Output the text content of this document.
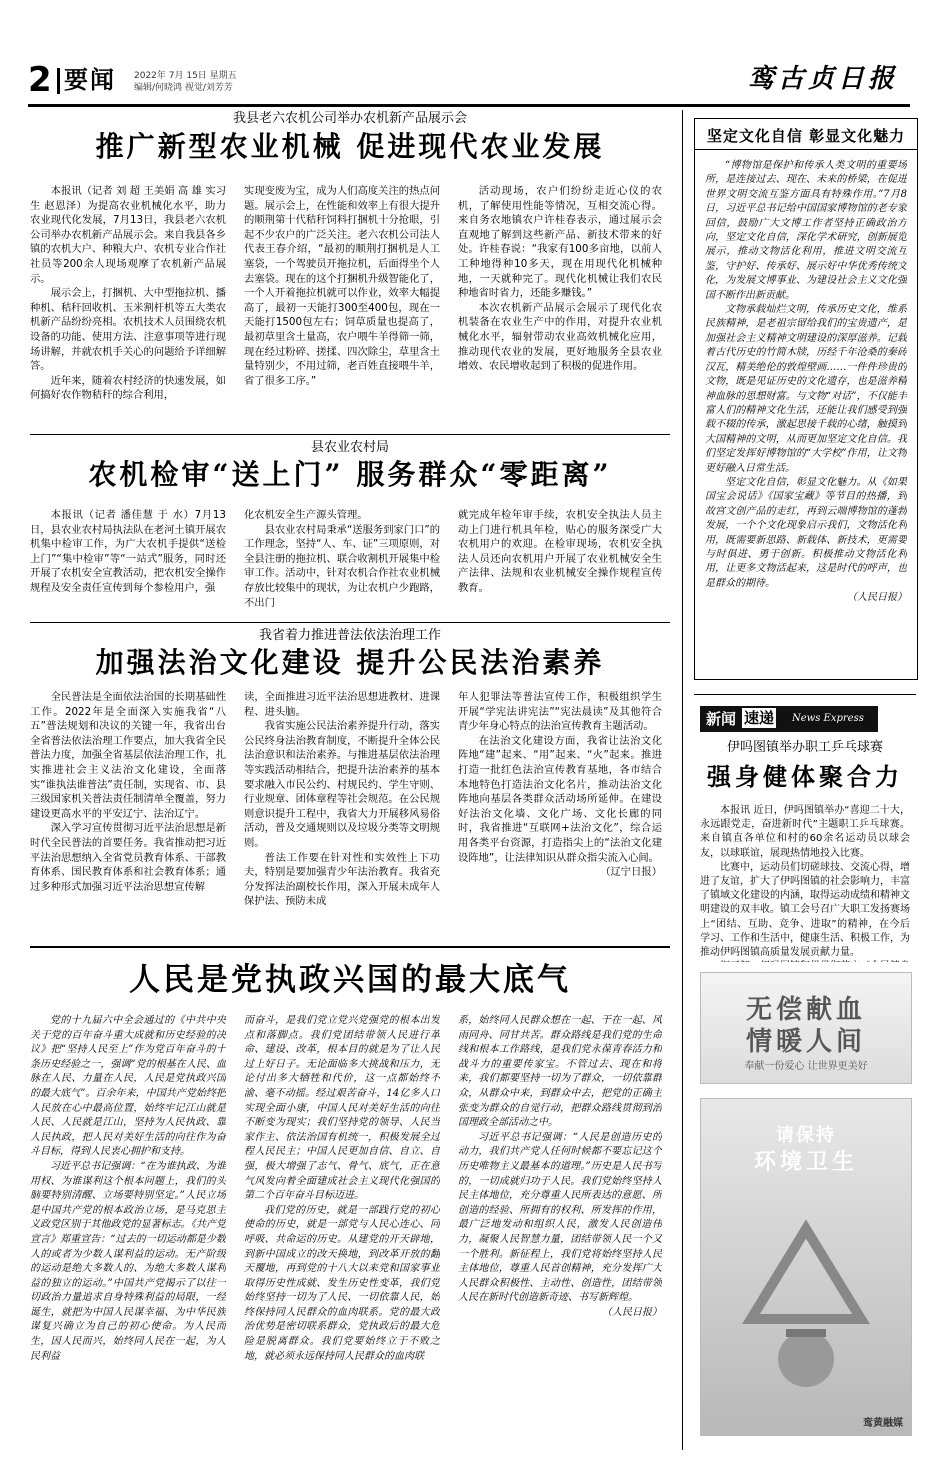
2 要闻 2022年 7月 15日 星期五
编辑/何晓鸿 视觉/刘芳芳	鸾古贞日报
我县老六农机公司举办农机新产品展示会
推广新型农业机械 促进现代农业发展

本报讯（记者 刘 超 王美娟 高 雄 实习生 赵恩泽）为提高农业机械化水平，助力农业现代化发展，7月13日，我县老六农机公司举办农机新产品展示会。来自我县各乡镇的农机大户、种粮大户、农机专业合作社社员等200余人现场观摩了农机新产品展示。

展示会上，打捆机、大中型拖拉机、播种机、秸秆回收机、玉米割杆机等五大类农机新产品纷纷亮相。农机技术人员围绕农机设备的功能、使用方法、注意事项等进行现场讲解，并就农机手关心的问题给予详细解答。

近年来，随着农村经济的快速发展，如何搞好农作物秸秆的综合利用，

实现变废为宝，成为人们高度关注的热点问题。展示会上，在性能和效率上有很大提升的顺荆第十代秸秆饲料打捆机十分抢眼，引起不少农户的广泛关注。老六农机公司法人代表王春介绍，“最初的顺荆打捆机是人工塞袋，一个驾驶员开拖拉机，后面得坐个人去塞袋。现在的这个打捆机升级智能化了，一个人开着拖拉机就可以作业，效率大幅提高了，最初一天能打300至400包，现在一天能打1500包左右；饲草质量也提高了，最初草里含土量高，农户喂牛羊得筛一筛，现在经过粉碎、搓揉、四次除尘，草里含土量特别少，不用过筛，老百姓直接喂牛羊，省了很多工序。”

活动现场，农户们纷纷走近心仪的农机，了解使用性能等情况，互相交流心得。来自务农地镇农户许桂春表示，通过展示会直观地了解到这些新产品、新技术带来的好处。许桂春说：“我家有100多亩地，以前人工种地得种10多天，现在用现代化机械种地，一天就种完了。现代化机械让我们农民种地省时省力，还能多赚钱。”

本次农机新产品展示会展示了现代化农机装备在农业生产中的作用，对提升农业机械化水平，辐射带动农业高效机械化应用，推动现代农业的发展，更好地服务全县农业增效、农民增收起到了积极的促进作用。

县农业农村局
农机检审“送上门” 服务群众“零距离”

本报讯（记者 潘佳慧 于 水）7月13日，县农业农村局执法队在老河土镇开展农机集中检审工作，为广大农机手提供“送检上门”“集中检审”等“一站式”服务，同时还开展了农机安全宣教活动，把农机安全操作规程及安全责任宣传到每个参检用户，强

化农机安全生产源头管理。

县农业农村局秉承“送服务到家门口”的工作理念，坚持“人、车、证”三项原则，对全县注册的拖拉机、联合收割机开展集中检审工作。活动中，针对农机合作社农业机械存放比较集中的现状，为让农机户少跑路，不出门

就完成年检年审手续，农机安全执法人员主动上门进行机具年检，贴心的服务深受广大农机用户的欢迎。在检审现场，农机安全执法人员还向农机用户开展了农业机械安全生产法律、法规和农业机械安全操作规程宣传教育。

我省着力推进普法依法治理工作
加强法治文化建设 提升公民法治素养

全民普法是全面依法治国的长期基础性工作。2022年是全面深入实施我省“八五”普法规划和决议的关键一年，我省出台全省普法依法治理工作要点，加大我省全民普法力度，加强全省基层依法治理工作，扎实推进社会主义法治文化建设，全面落实“谁执法谁普法”责任制，实现省、市、县三级国家机关普法责任制清单全覆盖，努力建设更高水平的平安辽宁、法治辽宁。

深入学习宣传贯彻习近平法治思想是新时代全民普法的首要任务。我省推动把习近平法治思想纳入全省党员教育体系、干部教育体系、国民教育体系和社会教育体系；通过多种形式加强习近平法治思想宣传解

读，全面推进习近平法治思想进教材、进课程、进头脑。

我省实施公民法治素养提升行动，落实公民终身法治教育制度，不断提升全体公民法治意识和法治素养。与推进基层依法治理等实践活动相结合，把提升法治素养的基本要求融入市民公约、村规民约、学生守则、行业规章、团体章程等社会规范。在公民规则意识提升工程中，我省大力开展移风易俗活动，普及交通规则以及垃圾分类等文明规则。

普法工作要在针对性和实效性上下功夫，特别是要加强青少年法治教育。我省充分发挥法治副校长作用，深入开展未成年人保护法、预防未成

年人犯罪法等普法宣传工作，积极组织学生开展“学宪法讲宪法”“宪法晨读”及其他符合青少年身心特点的法治宣传教育主题活动。

在法治文化建设方面，我省让法治文化阵地“建”起来、“用”起来、“火”起来。推进打造一批红色法治宣传教育基地，各市结合本地特色打造法治文化名片，推动法治文化阵地向基层各类群众活动场所延伸。在建设好法治文化墙、文化广场、文化长廊的同时，我省推进“互联网+法治文化”，综合运用各类平台资源，打造指尖上的“法治文化建设阵地”，让法律知识从群众指尖流入心间。

（辽宁日报）
人民是党执政兴国的最大底气

党的十九届六中全会通过的《中共中央关于党的百年奋斗重大成就和历史经验的决议》把“坚持人民至上”作为党百年奋斗的十条历史经验之一，强调“党的根基在人民、血脉在人民、力量在人民，人民是党执政兴国的最大底气”。百余年来，中国共产党始终把人民放在心中最高位置，始终牢记江山就是人民、人民就是江山，坚持为人民执政、靠人民执政，把人民对美好生活的向往作为奋斗目标，得到人民衷心拥护和支持。

习近平总书记强调：“在为谁执政、为谁用权、为谁谋利这个根本问题上，我们的头脑要特别清醒、立场要特别坚定。”人民立场是中国共产党的根本政治立场，是马克思主义政党区别于其他政党的显著标志。《共产党宣言》郑重宣告：“过去的一切运动都是少数人的或者为少数人谋利益的运动。无产阶级的运动是绝大多数人的、为绝大多数人谋利益的独立的运动。”中国共产党揭示了以往一切政治力量追求自身特殊利益的局限，一经诞生，就把为中国人民谋幸福、为中华民族谋复兴确立为自己的初心使命。为人民而生，因人民而兴，始终同人民在一起，为人民利益

而奋斗，是我们党立党兴党强党的根本出发点和落脚点。我们党团结带领人民进行革命、建设、改革，根本目的就是为了让人民过上好日子。无论面临多大挑战和压力，无论付出多大牺牲和代价，这一点都始终不渝、毫不动摇。经过艰苦奋斗，14亿多人口实现全面小康，中国人民对美好生活的向往不断变为现实；我们坚持党的领导、人民当家作主、依法治国有机统一，积极发展全过程人民民主；中国人民更加自信、自立、自强，极大增强了志气、骨气、底气，正在意气风发向着全面建成社会主义现代化强国的第二个百年奋斗目标迈进。

我们党的历史，就是一部践行党的初心使命的历史，就是一部党与人民心连心、同呼吸、共命运的历史。从建党的开天辟地，到新中国成立的改天换地，到改革开放的翻天覆地，再到党的十八大以来党和国家事业取得历史性成就、发生历史性变革，我们党始终坚持一切为了人民、一切依靠人民，始终保持同人民群众的血肉联系。党的最大政治优势是密切联系群众，党执政后的最大危险是脱离群众。我们党要始终立于不败之地，就必须永远保持同人民群众的血肉联

系，始终同人民群众想在一起、干在一起、风雨同舟、同甘共苦。群众路线是我们党的生命线和根本工作路线，是我们党永葆青春活力和战斗力的重要传家宝。不管过去、现在和将来，我们都要坚持一切为了群众，一切依靠群众，从群众中来，到群众中去，把党的正确主张变为群众的自觉行动，把群众路线贯彻到治国理政全部活动之中。

习近平总书记强调：“人民是创造历史的动力，我们共产党人任何时候都不要忘记这个历史唯物主义最基本的道理。”历史是人民书写的，一切成就归功于人民。我们党始终坚持人民主体地位，充分尊重人民所表达的意愿、所创造的经验、所拥有的权利、所发挥的作用，最广泛地发动和组织人民，激发人民创造伟力，凝聚人民智慧力量，团结带领人民一个又一个胜利。新征程上，我们党将始终坚持人民主体地位，尊重人民首创精神，充分发挥广大人民群众积极性、主动性、创造性，团结带领人民在新时代创造新奇迹、书写新辉煌。

（人民日报）
坚定文化自信 彰显文化魅力

“博物馆是保护和传承人类文明的重要场所，是连接过去、现在、未来的桥梁，在促进世界文明交流互鉴方面具有特殊作用。”7月8日，习近平总书记给中国国家博物馆的老专家回信，鼓励广大文博工作者坚持正确政治方向，坚定文化自信，深化学术研究，创新展览展示，推动文物活化利用，推进文明交流互鉴，守护好、传承好、展示好中华优秀传统文化，为发展文博事业、为建设社会主义文化强国不断作出新贡献。

文物承载灿烂文明，传承历史文化，维系民族精神，是老祖宗留给我们的宝贵遗产，是加强社会主义精神文明建设的深厚滋养。记载着古代历史的竹简木牍，历经千年沧桑的秦砖汉瓦，精美绝伦的敦煌壁画……一件件珍贵的文物，既是见证历史的文化遗存，也是滋养精神血脉的思想财富。与文物“对话”，不仅能丰富人们的精神文化生活，还能让我们感受到强载不辍的传承，激起思接千载的心绪，触摸到大国精神的文明，从而更加坚定文化自信。我们坚定发挥好博物馆的“大学校”作用，让文物更好融入日常生活。

坚定文化自信，彰显文化魅力。从《如果国宝会说话》《国家宝藏》等节目的热播，到故宫文创产品的走红，再到云端博物馆的蓬勃发展，一个个文化现象启示我们，文物活化利用，既需要新思路、新载体、新技术，更需要与时俱进、勇于创新。积极推动文物活化利用，让更多文物活起来，这是时代的呼声，也是群众的期待。

（人民日报）
新闻 速递 News Express
伊吗图镇举办职工乒乓球赛
强身健体聚合力

本报讯 近日，伊吗图镇举办“喜迎二十大，永远跟党走，奋进新时代”主题职工乒乓球赛。来自镇直各单位和村的60余名运动员以球会友，以球联谊，展现热情地投入比赛。

比赛中，运动员们切磋球技、交流心得，增进了友谊，扩大了伊吗图镇的社会影响力，丰富了镇域文化建设的内涵，取得运动成绩和精神文明建设的双丰收。镇工会号召广大职工发扬赛场上“团结、互助、竞争、进取”的精神，在今后学习、工作和生活中，健康生活、积极工作，为推动伊吗图镇高质量发展贡献力量。

无偿献血
情暖人间
奉献一份爱心 让世界更美好
请保持
环境卫生
鸾黄融媒
